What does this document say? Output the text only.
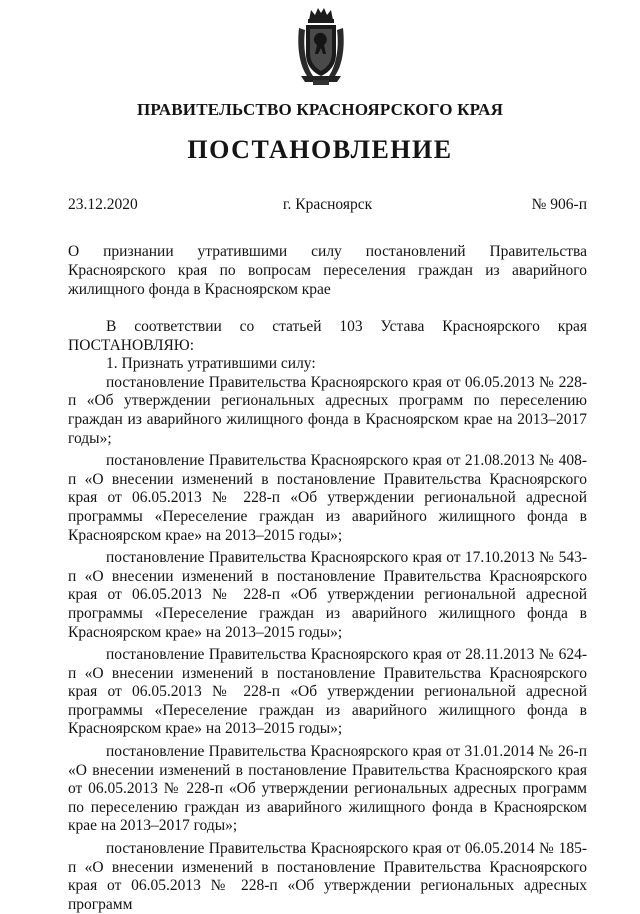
ПРАВИТЕЛЬСТВО КРАСНОЯРСКОГО КРАЯ
ПОСТАНОВЛЕНИЕ
23.12.2020	г. Красноярск	№ 906-п
О признании утратившими силу постановлений Правительства Красноярского края по вопросам переселения граждан из аварийного жилищного фонда в Красноярском крае

В соответствии со статьей 103 Устава Красноярского края

ПОСТАНОВЛЯЮ:

1. Признать утратившими силу:

постановление Правительства Красноярского края от 06.05.2013 № 228-п «Об утверждении региональных адресных программ по переселению граждан из аварийного жилищного фонда в Красноярском крае на 2013–2017 годы»;

постановление Правительства Красноярского края от 21.08.2013 № 408-п «О внесении изменений в постановление Правительства Красноярского края от 06.05.2013 № 228-п «Об утверждении региональной адресной программы «Переселение граждан из аварийного жилищного фонда в Красноярском крае» на 2013–2015 годы»;

постановление Правительства Красноярского края от 17.10.2013 № 543-п «О внесении изменений в постановление Правительства Красноярского края от 06.05.2013 № 228-п «Об утверждении региональной адресной программы «Переселение граждан из аварийного жилищного фонда в Красноярском крае» на 2013–2015 годы»;

постановление Правительства Красноярского края от 28.11.2013 № 624-п «О внесении изменений в постановление Правительства Красноярского края от 06.05.2013 № 228-п «Об утверждении региональной адресной программы «Переселение граждан из аварийного жилищного фонда в Красноярском крае» на 2013–2015 годы»;

постановление Правительства Красноярского края от 31.01.2014 № 26-п «О внесении изменений в постановление Правительства Красноярского края от 06.05.2013 № 228-п «Об утверждении региональных адресных программ по переселению граждан из аварийного жилищного фонда в Красноярском крае на 2013–2017 годы»;

постановление Правительства Красноярского края от 06.05.2014 № 185-п «О внесении изменений в постановление Правительства Красноярского края от 06.05.2013 № 228-п «Об утверждении региональных адресных программ
